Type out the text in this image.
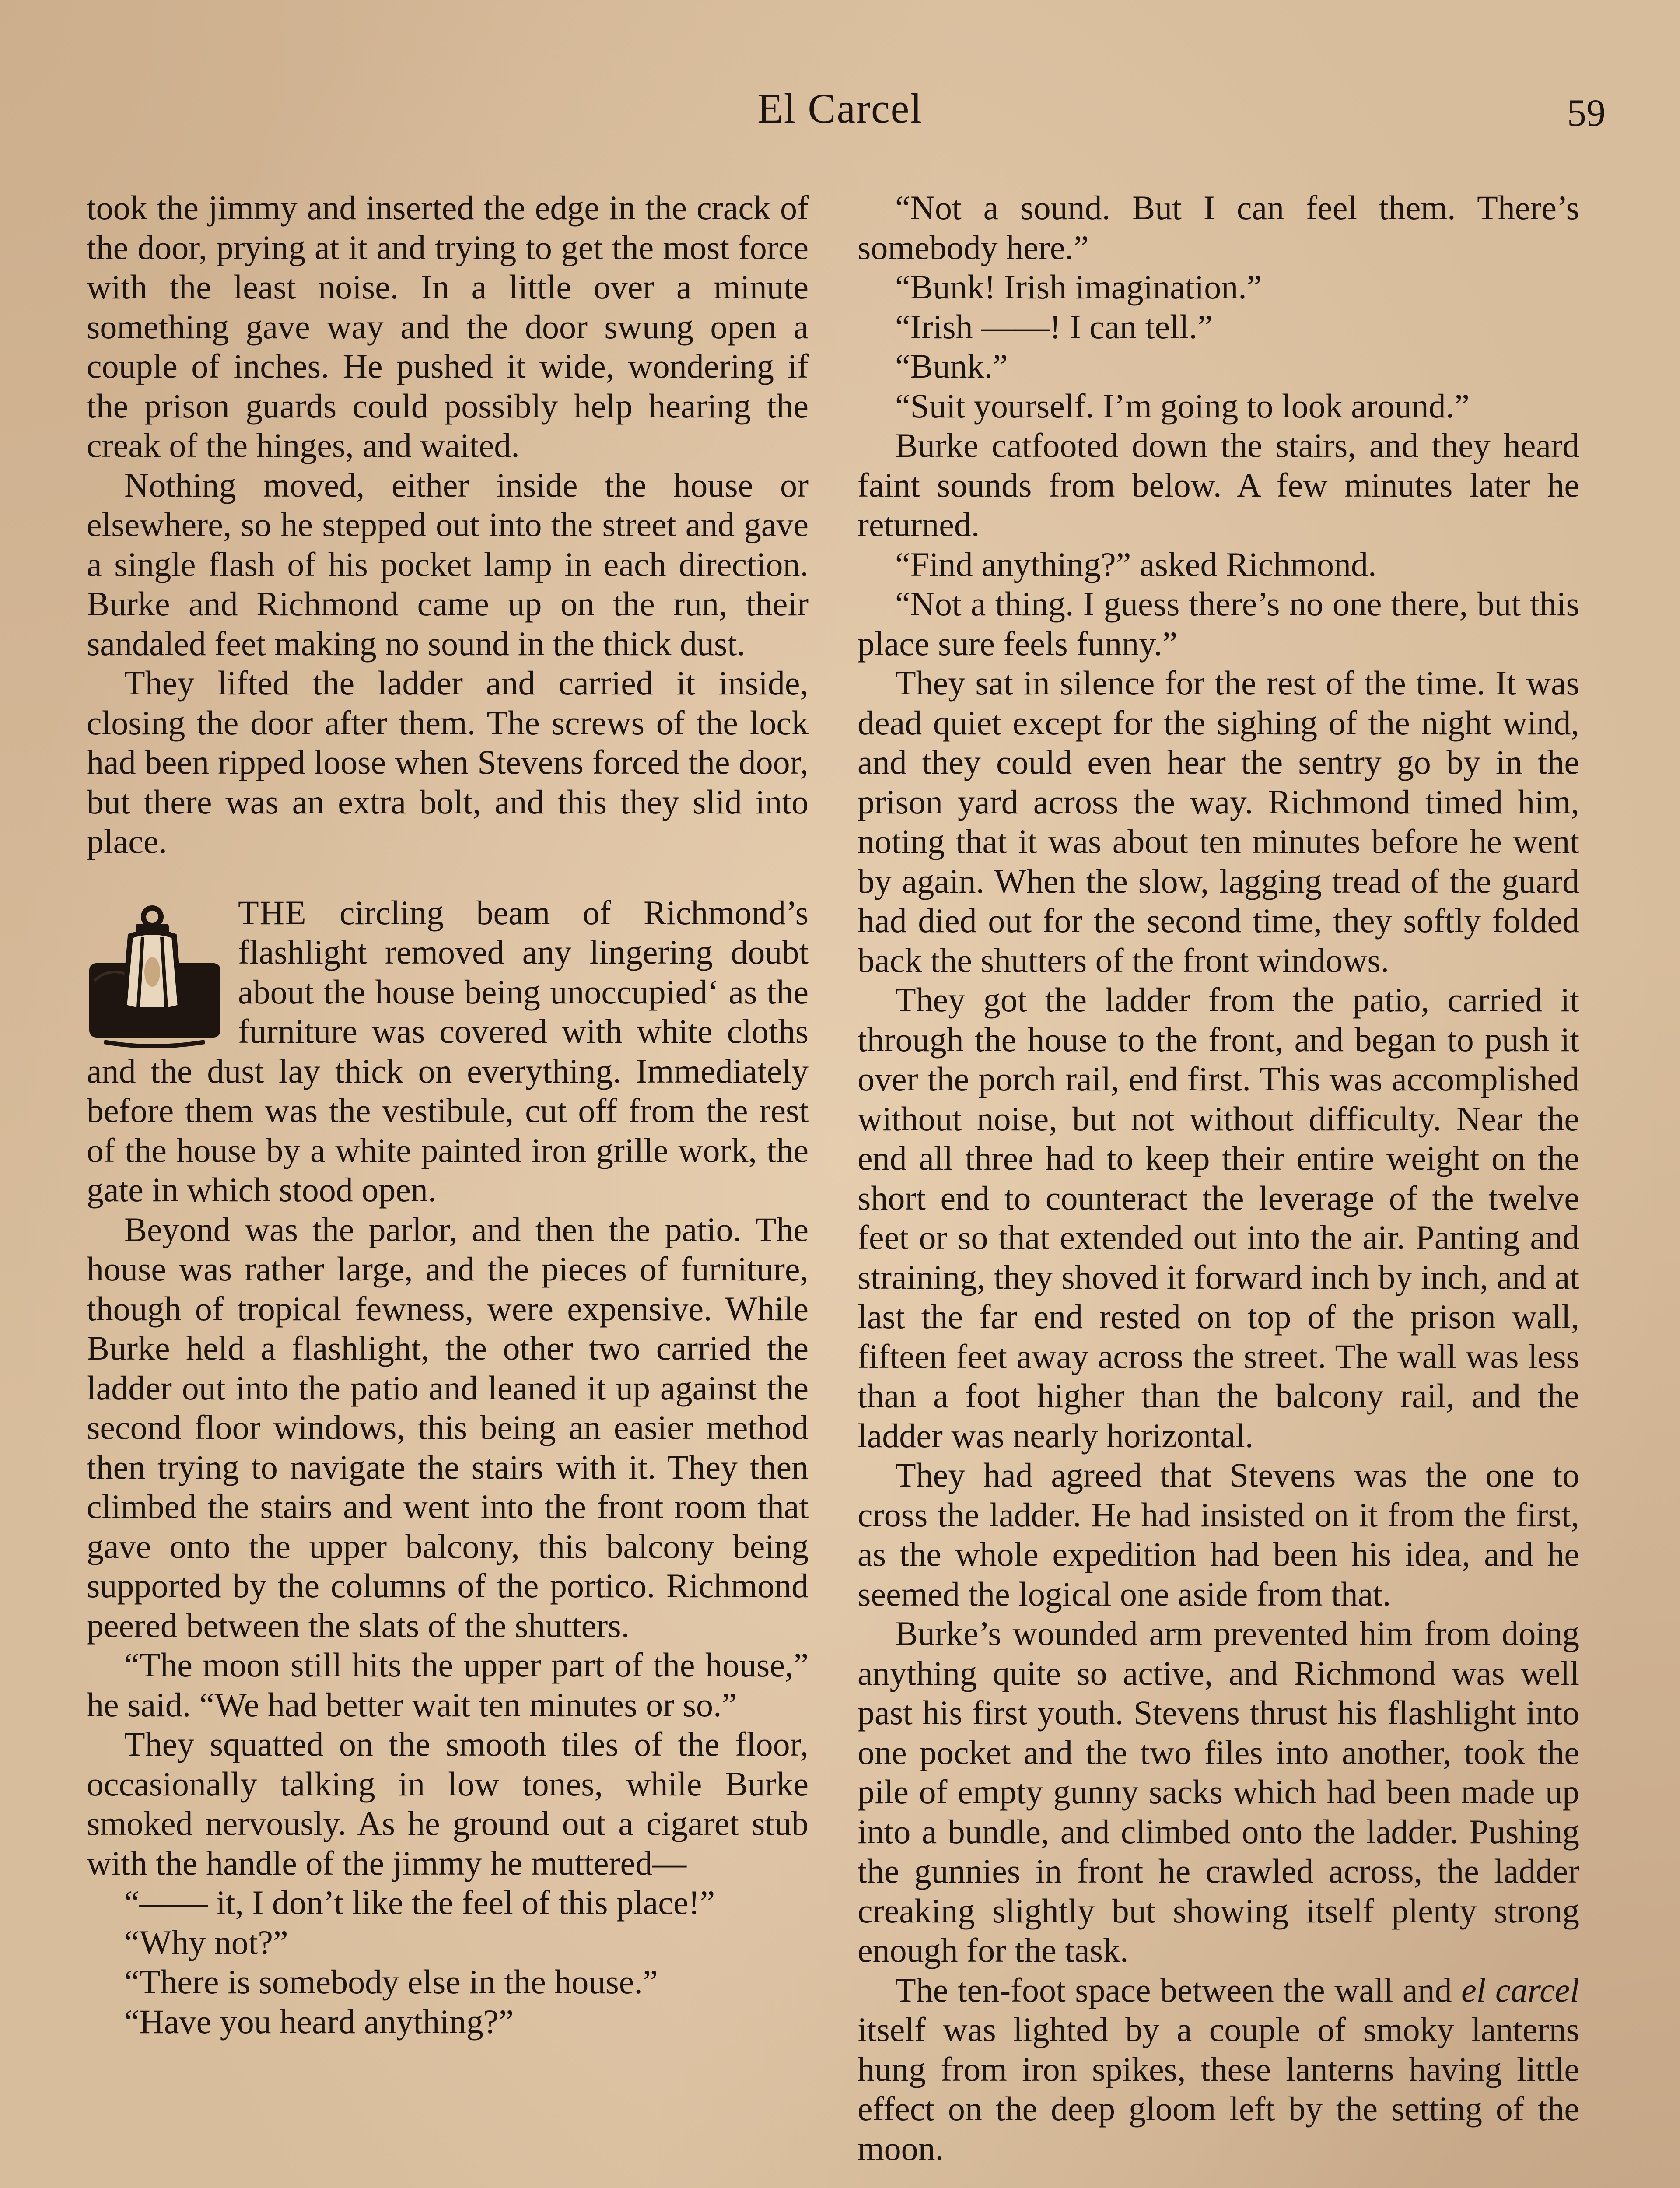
El Carcel	59

took the jimmy and inserted the edge in the crack of the door, prying at it and trying to get the most force with the least noise. In a little over a minute something gave way and the door swung open a couple of inches. He pushed it wide, wondering if the prison guards could possibly help hearing the creak of the hinges, and waited.

Nothing moved, either inside the house or elsewhere, so he stepped out into the street and gave a single flash of his pocket lamp in each direction. Burke and Richmond came up on the run, their sandaled feet making no sound in the thick dust.

They lifted the ladder and carried it inside, closing the door after them. The screws of the lock had been ripped loose when Stevens forced the door, but there was an extra bolt, and this they slid into place.

THE circling beam of Richmond’s flashlight removed any lingering doubt about the house being unoccupied‘ as the furniture was covered with white cloths and the dust lay thick on everything. Immediately before them was the vestibule, cut off from the rest of the house by a white painted iron grille work, the gate in which stood open.

Beyond was the parlor, and then the patio. The house was rather large, and the pieces of furniture, though of tropical fewness, were expensive. While Burke held a flashlight, the other two carried the ladder out into the patio and leaned it up against the second floor windows, this being an easier method then trying to navigate the stairs with it. They then climbed the stairs and went into the front room that gave onto the upper balcony, this balcony being supported by the columns of the portico. Richmond peered between the slats of the shutters.

“The moon still hits the upper part of the house,” he said. “We had better wait ten minutes or so.”

They squatted on the smooth tiles of the floor, occasionally talking in low tones, while Burke smoked nervously. As he ground out a cigaret stub with the handle of the jimmy he muttered—

“—— it, I don’t like the feel of this place!”

“Why not?”

“There is somebody else in the house.”

“Have you heard anything?”

“Not a sound. But I can feel them. There’s somebody here.”

“Bunk! Irish imagination.”

“Irish ——! I can tell.”

“Bunk.”

“Suit yourself. I’m going to look around.”

Burke catfooted down the stairs, and they heard faint sounds from below. A few minutes later he returned.

“Find anything?” asked Richmond.

“Not a thing. I guess there’s no one there, but this place sure feels funny.”

They sat in silence for the rest of the time. It was dead quiet except for the sighing of the night wind, and they could even hear the sentry go by in the prison yard across the way. Richmond timed him, noting that it was about ten minutes before he went by again. When the slow, lagging tread of the guard had died out for the second time, they softly folded back the shutters of the front windows.

They got the ladder from the patio, carried it through the house to the front, and began to push it over the porch rail, end first. This was accomplished without noise, but not without difficulty. Near the end all three had to keep their entire weight on the short end to counteract the leverage of the twelve feet or so that extended out into the air. Panting and straining, they shoved it forward inch by inch, and at last the far end rested on top of the prison wall, fifteen feet away across the street. The wall was less than a foot higher than the balcony rail, and the ladder was nearly horizontal.

They had agreed that Stevens was the one to cross the ladder. He had insisted on it from the first, as the whole expedition had been his idea, and he seemed the logical one aside from that.

Burke’s wounded arm prevented him from doing anything quite so active, and Richmond was well past his first youth. Stevens thrust his flashlight into one pocket and the two files into another, took the pile of empty gunny sacks which had been made up into a bundle, and climbed onto the ladder. Pushing the gunnies in front he crawled across, the ladder creaking slightly but showing itself plenty strong enough for the task.

The ten-foot space between the wall and el carcel itself was lighted by a couple of smoky lanterns hung from iron spikes, these lanterns having little effect on the deep gloom left by the setting of the moon.
